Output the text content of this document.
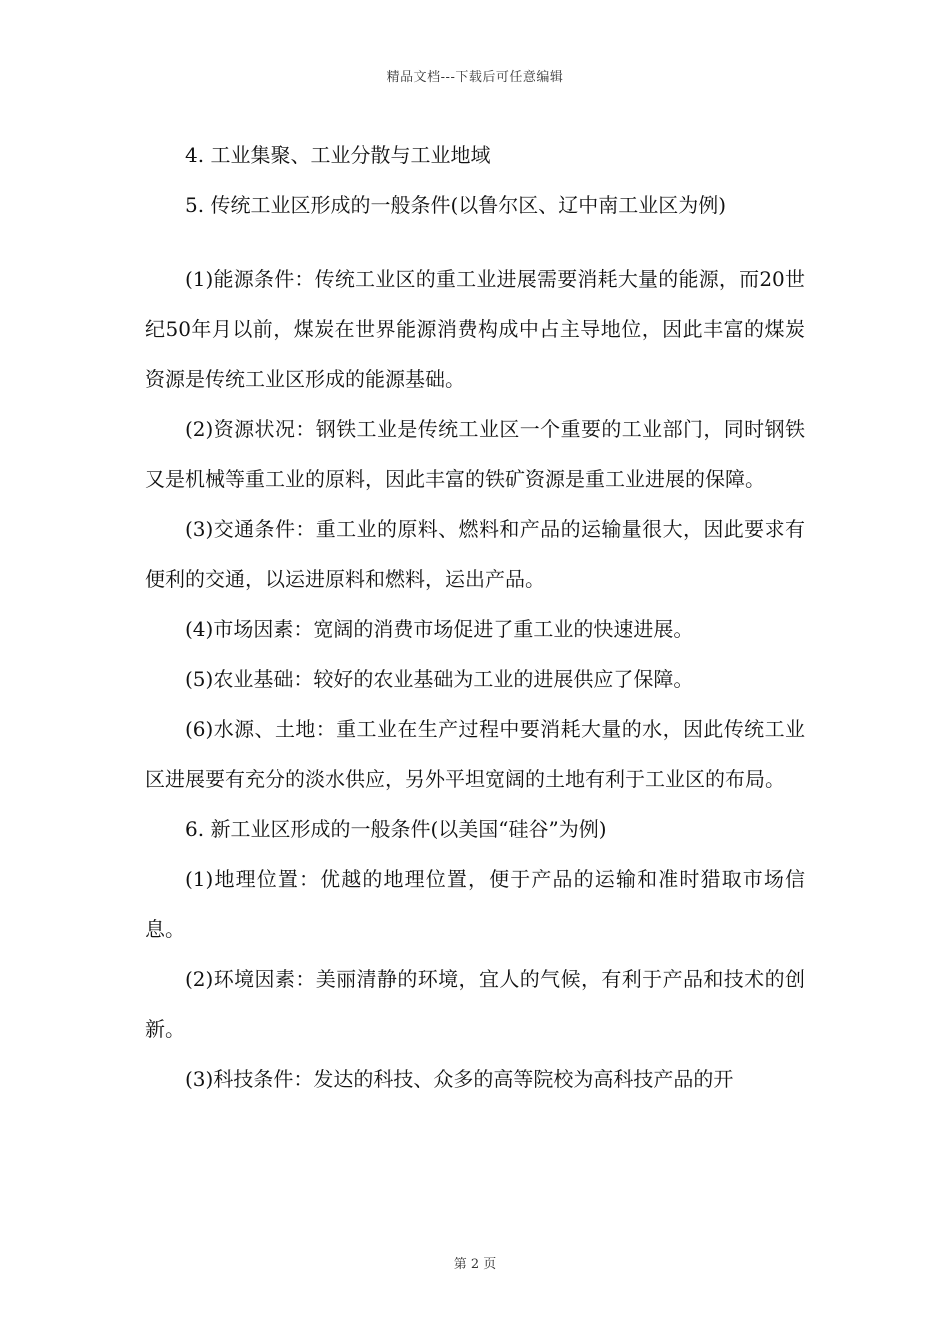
精品文档---下载后可任意编辑

4. 工业集聚、工业分散与工业地域

5. 传统工业区形成的一般条件(以鲁尔区、辽中南工业区为例)

(1)能源条件：传统工业区的重工业进展需要消耗大量的能源，而20世纪50年月以前，煤炭在世界能源消费构成中占主导地位，因此丰富的煤炭资源是传统工业区形成的能源基础。

(2)资源状况：钢铁工业是传统工业区一个重要的工业部门，同时钢铁又是机械等重工业的原料，因此丰富的铁矿资源是重工业进展的保障。

(3)交通条件：重工业的原料、燃料和产品的运输量很大，因此要求有便利的交通，以运进原料和燃料，运出产品。

(4)市场因素：宽阔的消费市场促进了重工业的快速进展。

(5)农业基础：较好的农业基础为工业的进展供应了保障。

(6)水源、土地：重工业在生产过程中要消耗大量的水，因此传统工业区进展要有充分的淡水供应，另外平坦宽阔的土地有利于工业区的布局。

6. 新工业区形成的一般条件(以美国“硅谷”为例)

(1)地理位置：优越的地理位置，便于产品的运输和准时猎取市场信息。

(2)环境因素：美丽清静的环境，宜人的气候，有利于产品和技术的创新。

(3)科技条件：发达的科技、众多的高等院校为高科技产品的开

第 2 页
